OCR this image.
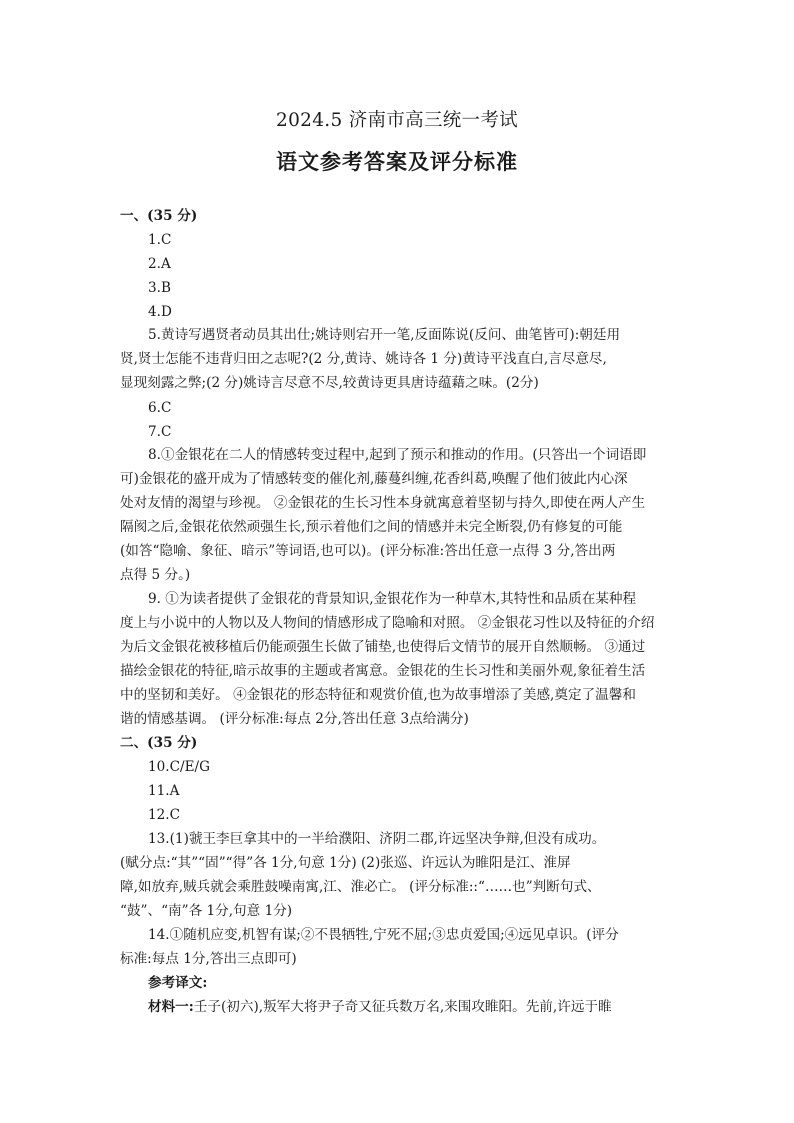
2024.5 济南市高三统一考试
语文参考答案及评分标准
一、(35 分)
1.C
2.A
3.B
4.D
5.黄诗写遇贤者动员其出仕;姚诗则宕开一笔,反面陈说(反问、曲笔皆可):朝廷用
贤,贤士怎能不违背归田之志呢?(2 分,黄诗、姚诗各 1 分)黄诗平浅直白,言尽意尽,
显现刻露之弊;(2 分)姚诗言尽意不尽,较黄诗更具唐诗蕴藉之味。(2分)
6.C
7.C
8.①金银花在二人的情感转变过程中,起到了预示和推动的作用。(只答出一个词语即
可)金银花的盛开成为了情感转变的催化剂,藤蔓纠缠,花香纠葛,唤醒了他们彼此内心深
处对友情的渴望与珍视。 ②金银花的生长习性本身就寓意着坚韧与持久,即使在两人产生
隔阂之后,金银花依然顽强生长,预示着他们之间的情感并未完全断裂,仍有修复的可能
(如答“隐喻、象征、暗示”等词语,也可以)。(评分标准:答出任意一点得 3 分,答出两
点得 5 分。)
9. ①为读者提供了金银花的背景知识,金银花作为一种草木,其特性和品质在某种程
度上与小说中的人物以及人物间的情感形成了隐喻和对照。 ②金银花习性以及特征的介绍
为后文金银花被移植后仍能顽强生长做了铺垫,也使得后文情节的展开自然顺畅。 ③通过
描绘金银花的特征,暗示故事的主题或者寓意。金银花的生长习性和美丽外观,象征着生活
中的坚韧和美好。 ④金银花的形态特征和观赏价值,也为故事增添了美感,奠定了温馨和
谐的情感基调。 (评分标准:每点 2分,答出任意 3点给满分)
二、(35 分)
10.C/E/G
11.A
12.C
13.(1)虢王李巨拿其中的一半给濮阳、济阴二郡,许远坚决争辩,但没有成功。
(赋分点:“其”“固”“得”各 1分,句意 1分) (2)张巡、许远认为睢阳是江、淮屏
障,如放弃,贼兵就会乘胜鼓噪南寓,江、淮必亡。 (评分标准::“……也”判断句式、
“鼓”、“南”各 1分,句意 1分)
14.①随机应变,机智有谋;②不畏牺牲,宁死不屈;③忠贞爱国;④远见卓识。(评分
标准:每点 1分,答出三点即可)
参考译文:
材料一:壬子(初六),叛军大将尹子奇又征兵数万名,来围攻睢阳。先前,许远于睢
